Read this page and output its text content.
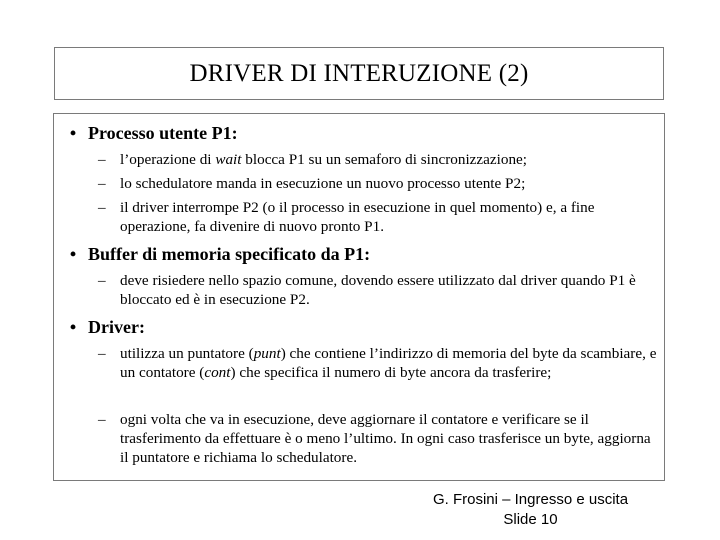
DRIVER DI INTERUZIONE (2)
• Processo utente P1:
– l’operazione di wait blocca P1 su un semaforo di sincronizzazione;
– lo schedulatore manda in esecuzione un nuovo processo utente P2;
– il driver interrompe P2 (o il processo in esecuzione in quel momento) e, a fine operazione, fa divenire di nuovo pronto P1.
• Buffer di memoria specificato da P1:
– deve risiedere nello spazio comune, dovendo essere utilizzato dal driver quando P1 è bloccato ed è in esecuzione P2.
• Driver:
– utilizza un puntatore (punt) che contiene l’indirizzo di memoria del byte da scambiare, e un contatore (cont) che specifica il numero di byte ancora da trasferire;
– ogni volta che va in esecuzione, deve aggiornare il contatore e verificare se il trasferimento da effettuare è o meno l’ultimo. In ogni caso trasferisce un byte, aggiorna il puntatore e richiama lo schedulatore.
G. Frosini – Ingresso e uscita
Slide 10
